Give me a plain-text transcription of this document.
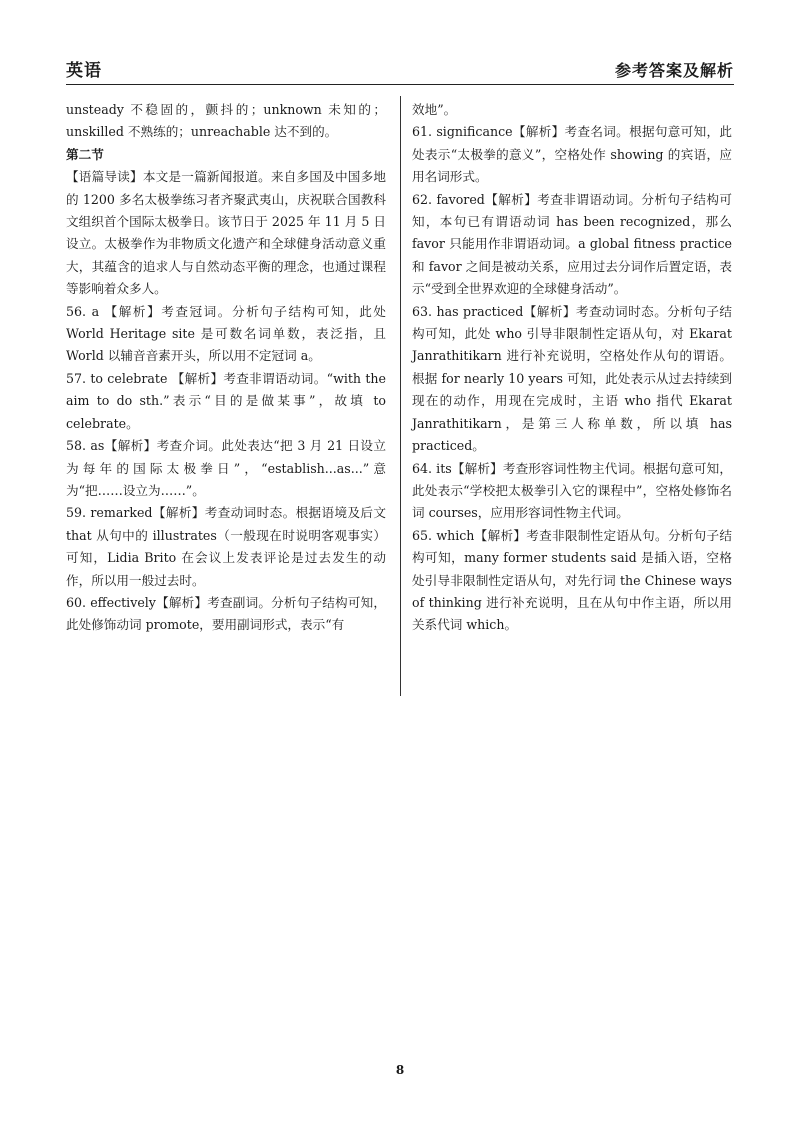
英语	参考答案及解析

unsteady 不稳固的，颤抖的；unknown 未知的；unskilled 不熟练的；unreachable 达不到的。

第二节

【语篇导读】本文是一篇新闻报道。来自多国及中国多地的 1200 多名太极拳练习者齐聚武夷山，庆祝联合国教科文组织首个国际太极拳日。该节日于 2025 年 11 月 5 日设立。太极拳作为非物质文化遗产和全球健身活动意义重大，其蕴含的追求人与自然动态平衡的理念，也通过课程等影响着众多人。

56. a 【解析】考查冠词。分析句子结构可知，此处 World Heritage site 是可数名词单数，表泛指，且 World 以辅音音素开头，所以用不定冠词 a。

57. to celebrate 【解析】考查非谓语动词。“with the aim to do sth.”表示“目的是做某事”，故填 to celebrate。

58. as【解析】考查介词。此处表达“把 3 月 21 日设立为每年的国际太极拳日”，“establish...as...”意为“把……设立为……”。

59. remarked【解析】考查动词时态。根据语境及后文 that 从句中的 illustrates（一般现在时说明客观事实）可知，Lidia Brito 在会议上发表评论是过去发生的动作，所以用一般过去时。

60. effectively【解析】考查副词。分析句子结构可知，此处修饰动词 promote，要用副词形式，表示“有

效地”。

61. significance【解析】考查名词。根据句意可知，此处表示“太极拳的意义”，空格处作 showing 的宾语，应用名词形式。

62. favored【解析】考查非谓语动词。分析句子结构可知，本句已有谓语动词 has been recognized，那么 favor 只能用作非谓语动词。a global fitness practice 和 favor 之间是被动关系，应用过去分词作后置定语，表示“受到全世界欢迎的全球健身活动”。

63. has practiced【解析】考查动词时态。分析句子结构可知，此处 who 引导非限制性定语从句，对 Ekarat Janrathitikarn 进行补充说明，空格处作从句的谓语。根据 for nearly 10 years 可知，此处表示从过去持续到现在的动作，用现在完成时，主语 who 指代 Ekarat Janrathitikarn，是第三人称单数，所以填 has practiced。

64. its【解析】考查形容词性物主代词。根据句意可知，此处表示“学校把太极拳引入它的课程中”，空格处修饰名词 courses，应用形容词性物主代词。

65. which【解析】考查非限制性定语从句。分析句子结构可知，many former students said 是插入语，空格处引导非限制性定语从句，对先行词 the Chinese ways of thinking 进行补充说明，且在从句中作主语，所以用关系代词 which。

8
